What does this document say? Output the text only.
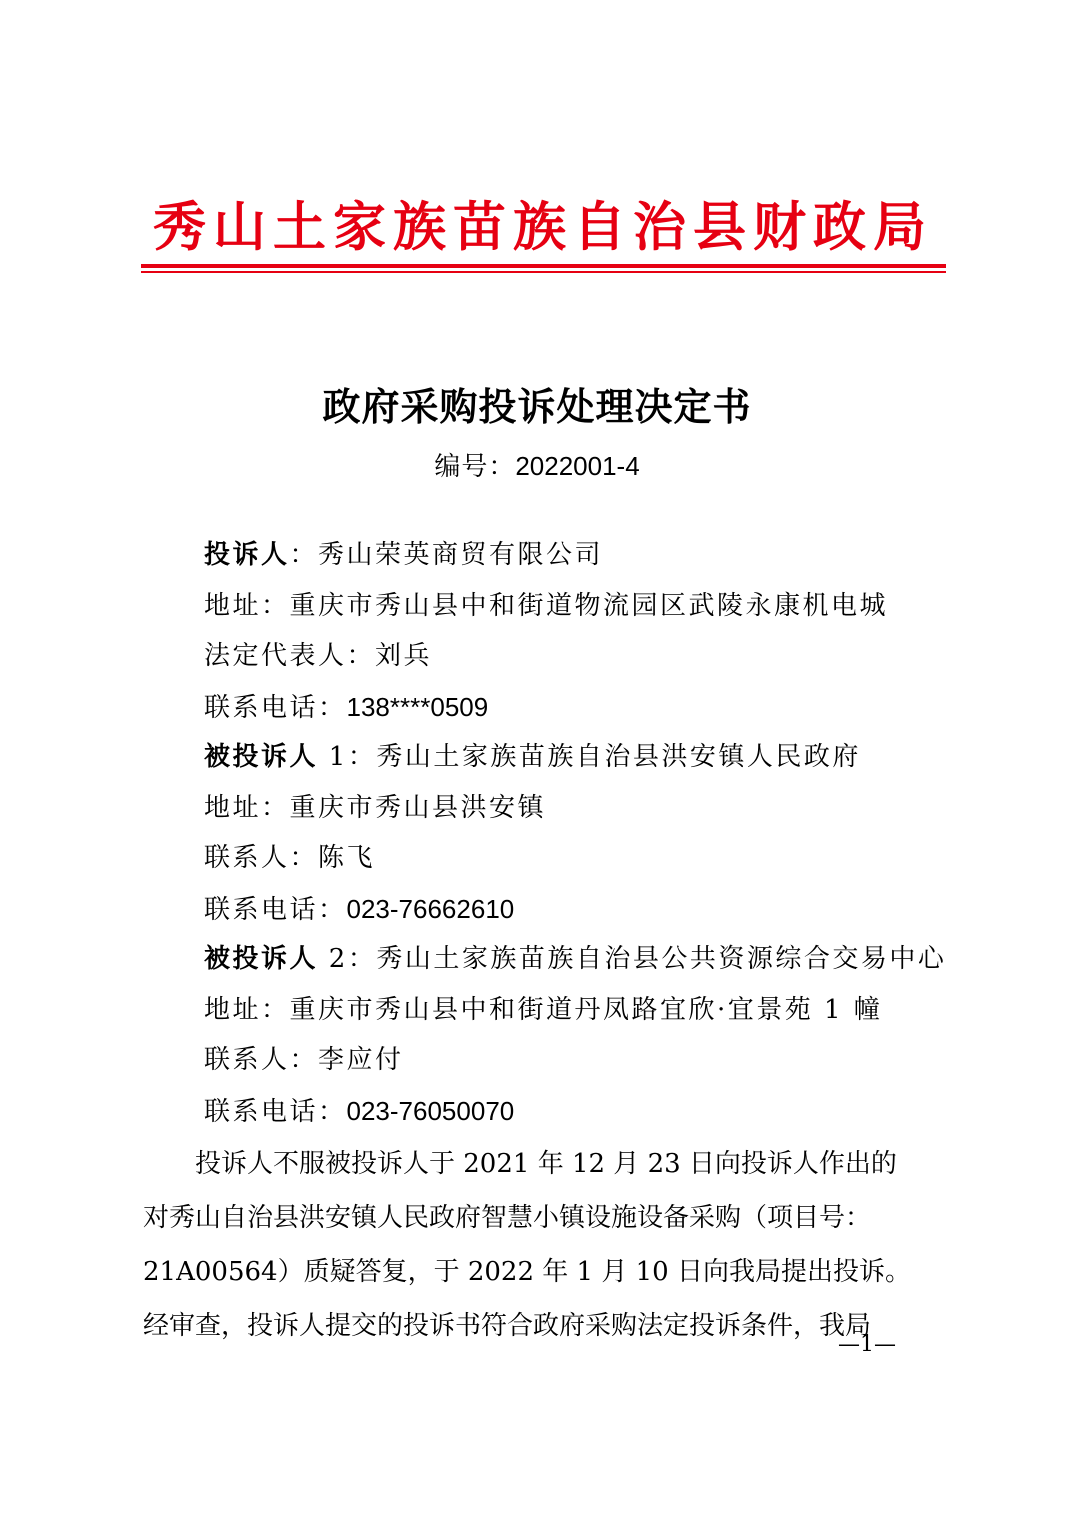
秀山土家族苗族自治县财政局
政府采购投诉处理决定书
编号：2022001-4
投诉人：秀山荣英商贸有限公司
地址：重庆市秀山县中和街道物流园区武陵永康机电城
法定代表人：刘兵
联系电话：138****0509
被投诉人 1：秀山土家族苗族自治县洪安镇人民政府
地址：重庆市秀山县洪安镇
联系人：陈飞
联系电话：023-76662610
被投诉人 2：秀山土家族苗族自治县公共资源综合交易中心
地址：重庆市秀山县中和街道丹凤路宜欣·宜景苑 1 幢
联系人：李应付
联系电话：023-76050070
　　投诉人不服被投诉人于 2021 年 12 月 23 日向投诉人作出的
对秀山自治县洪安镇人民政府智慧小镇设施设备采购（项目号：
21A00564）质疑答复，于 2022 年 1 月 10 日向我局提出投诉。
经审查，投诉人提交的投诉书符合政府采购法定投诉条件，我局
—1—
